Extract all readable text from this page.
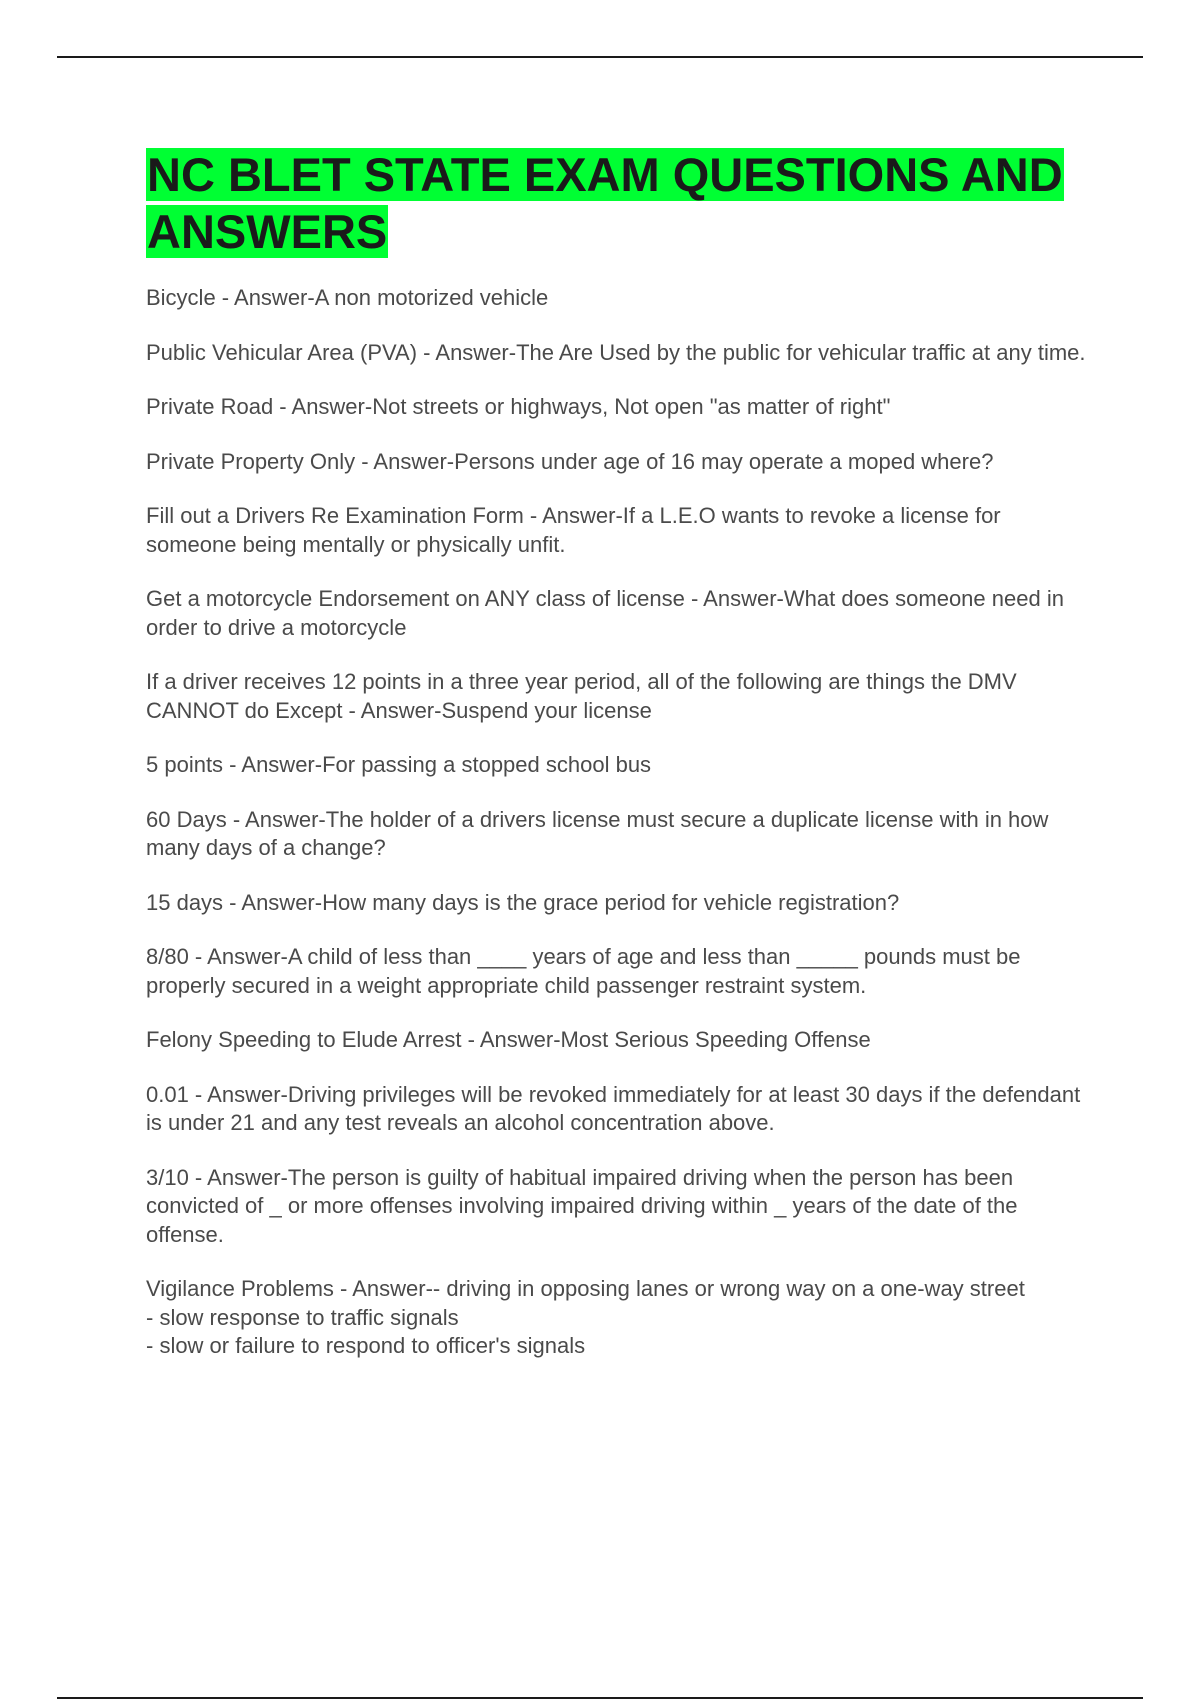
NC BLET STATE EXAM QUESTIONS AND ANSWERS
Bicycle - Answer-A non motorized vehicle
Public Vehicular Area (PVA) - Answer-The Are Used by the public for vehicular traffic at any time.
Private Road - Answer-Not streets or highways, Not open "as matter of right"
Private Property Only - Answer-Persons under age of 16 may operate a moped where?
Fill out a Drivers Re Examination Form - Answer-If a L.E.O wants to revoke a license for someone being mentally or physically unfit.
Get a motorcycle Endorsement on ANY class of license - Answer-What does someone need in order to drive a motorcycle
If a driver receives 12 points in a three year period, all of the following are things the DMV CANNOT do Except - Answer-Suspend your license
5 points - Answer-For passing a stopped school bus
60 Days - Answer-The holder of a drivers license must secure a duplicate license with in how many days of a change?
15 days - Answer-How many days is the grace period for vehicle registration?
8/80 - Answer-A child of less than ____ years of age and less than _____ pounds must be properly secured in a weight appropriate child passenger restraint system.
Felony Speeding to Elude Arrest - Answer-Most Serious Speeding Offense
0.01 - Answer-Driving privileges will be revoked immediately for at least 30 days if the defendant is under 21 and any test reveals an alcohol concentration above.
3/10 - Answer-The person is guilty of habitual impaired driving when the person has been convicted of _ or more offenses involving impaired driving within _ years of the date of the offense.
Vigilance Problems - Answer-- driving in opposing lanes or wrong way on a one-way street
- slow response to traffic signals
- slow or failure to respond to officer's signals
